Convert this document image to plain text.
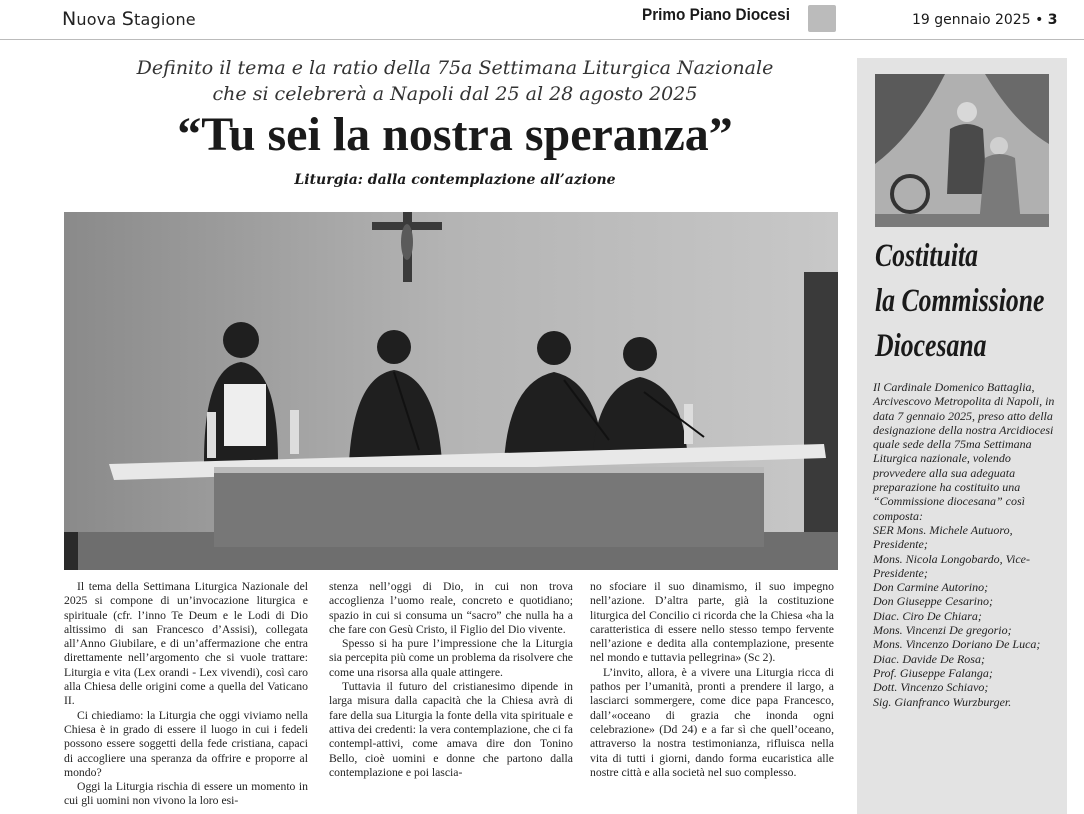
Nuova Stagione	Primo Piano Diocesi	19 gennaio 2025 • 3
Definito il tema e la ratio della 75a Settimana Liturgica Nazionale
che si celebrerà a Napoli dal 25 al 28 agosto 2025
“Tu sei la nostra speranza”
Liturgia: dalla contemplazione all’azione

Il tema della Settimana Liturgica Nazionale del 2025 si compone di un’invocazione liturgica e spirituale (cfr. l’inno Te Deum e le Lodi di Dio altissimo di san Francesco d’Assisi), collegata all’Anno Giubilare, e di un’affermazione che entra direttamente nell’argomento che si vuole trattare: Liturgia e vita (Lex orandi - Lex vivendi), così caro alla Chiesa delle origini come a quella del Vaticano II.

Ci chiediamo: la Liturgia che oggi viviamo nella Chiesa è in grado di essere il luogo in cui i fedeli possono essere soggetti della fede cristiana, capaci di accogliere una speranza da offrire e proporre al mondo?

Oggi la Liturgia rischia di essere un momento in cui gli uomini non vivono la loro esi-

stenza nell’oggi di Dio, in cui non trova accoglienza l’uomo reale, concreto e quotidiano; spazio in cui si consuma un “sacro” che nulla ha a che fare con Gesù Cristo, il Figlio del Dio vivente.

Spesso si ha pure l’impressione che la Liturgia sia percepita più come un problema da risolvere che come una risorsa alla quale attingere.

Tuttavia il futuro del cristianesimo dipende in larga misura dalla capacità che la Chiesa avrà di fare della sua Liturgia la fonte della vita spirituale e attiva dei credenti: la vera contemplazione, che ci fa contempl-attivi, come amava dire don Tonino Bello, cioè uomini e donne che partono dalla contemplazione e poi lascia-

no sfociare il suo dinamismo, il suo impegno nell’azione. D’altra parte, già la costituzione liturgica del Concilio ci ricorda che la Chiesa «ha la caratteristica di essere nello stesso tempo fervente nell’azione e dedita alla contemplazione, presente nel mondo e tuttavia pellegrina» (Sc 2).

L’invito, allora, è a vivere una Liturgia ricca di pathos per l’umanità, pronti a prendere il largo, a lasciarci sommergere, come dice papa Francesco, dall’«oceano di grazia che inonda ogni celebrazione» (Dd 24) e a far sì che quell’oceano, attraverso la nostra testimonianza, rifluisca nella vita di tutti i giorni, dando forma eucaristica alle nostre città e alla società nel suo complesso.

Costituita
la Commissione
Diocesana
Il Cardinale Domenico Battaglia, Arcivescovo Metropolita di Napoli, in data 7 gennaio 2025, preso atto della designazione della nostra Arcidiocesi quale sede della 75ma Settimana Liturgica nazionale, volendo provvedere alla sua adeguata preparazione ha costituito una “Commissione diocesana” così composta:
SER Mons. Michele Autuoro, Presidente;
Mons. Nicola Longobardo, Vice-Presidente;
Don Carmine Autorino;
Don Giuseppe Cesarino;
Diac. Ciro De Chiara;
Mons. Vincenzi De gregorio;
Mons. Vincenzo Doriano De Luca;
Diac. Davide De Rosa;
Prof. Giuseppe Falanga;
Dott. Vincenzo Schiavo;
Sig. Gianfranco Wurzburger.
